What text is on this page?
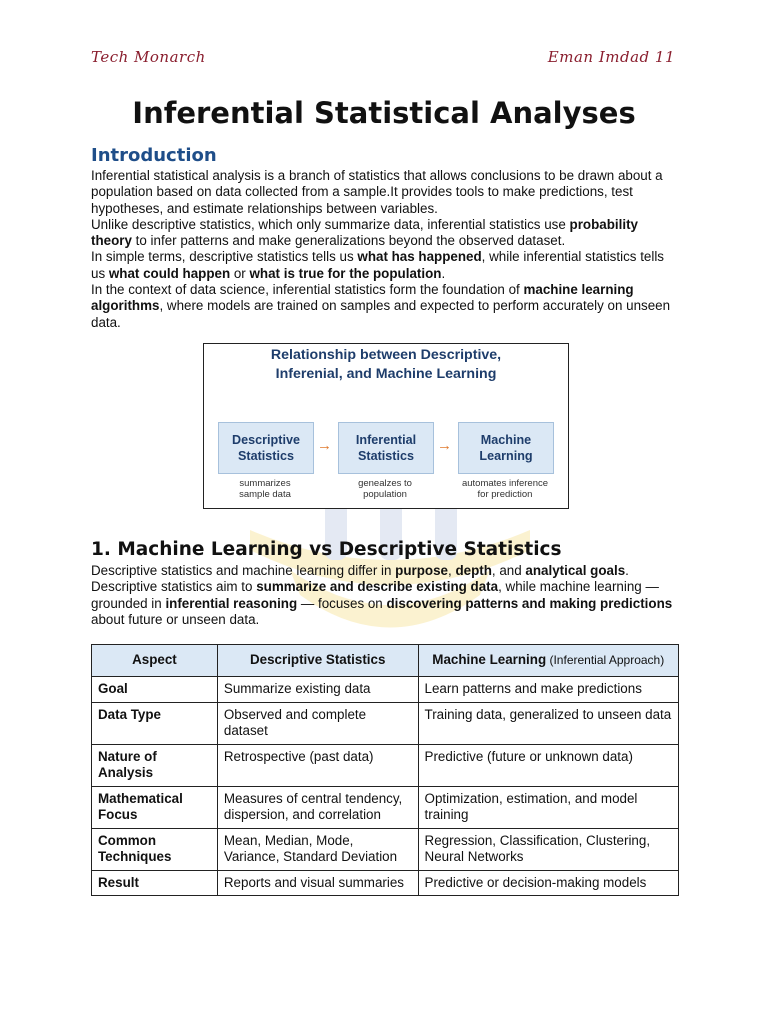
Tech Monarch	Eman Imdad 11
Inferential Statistical Analyses
Introduction

Inferential statistical analysis is a branch of statistics that allows conclusions to be drawn about a population based on data collected from a sample.It provides tools to make predictions, test hypotheses, and estimate relationships between variables.

Unlike descriptive statistics, which only summarize data, inferential statistics use probability theory to infer patterns and make generalizations beyond the observed dataset.

In simple terms, descriptive statistics tells us what has happened, while inferential statistics tells us what could happen or what is true for the population.

In the context of data science, inferential statistics form the foundation of machine learning algorithms, where models are trained on samples and expected to perform accurately on unseen data.

Relationship between Descriptive,
Inferenial, and Machine Learning
Descriptive
Statistics
→ Inferential
Statistics
→ Machine
Learning
summarizes
sample data
genealzes to
population
automates inference
for prediction
1. Machine Learning vs Descriptive Statistics

Descriptive statistics and machine learning differ in purpose, depth, and analytical goals.

Descriptive statistics aim to summarize and describe existing data, while machine learning — grounded in inferential reasoning — focuses on discovering patterns and making predictions about future or unseen data.

Aspect	Descriptive Statistics	Machine Learning (Inferential Approach)
Goal	Summarize existing data	Learn patterns and make predictions
Data Type	Observed and complete dataset	Training data, generalized to unseen data
Nature of Analysis	Retrospective (past data)	Predictive (future or unknown data)
Mathematical Focus	Measures of central tendency, dispersion, and correlation	Optimization, estimation, and model training
Common Techniques	Mean, Median, Mode, Variance, Standard Deviation	Regression, Classification, Clustering, Neural Networks
Result	Reports and visual summaries	Predictive or decision-making models
